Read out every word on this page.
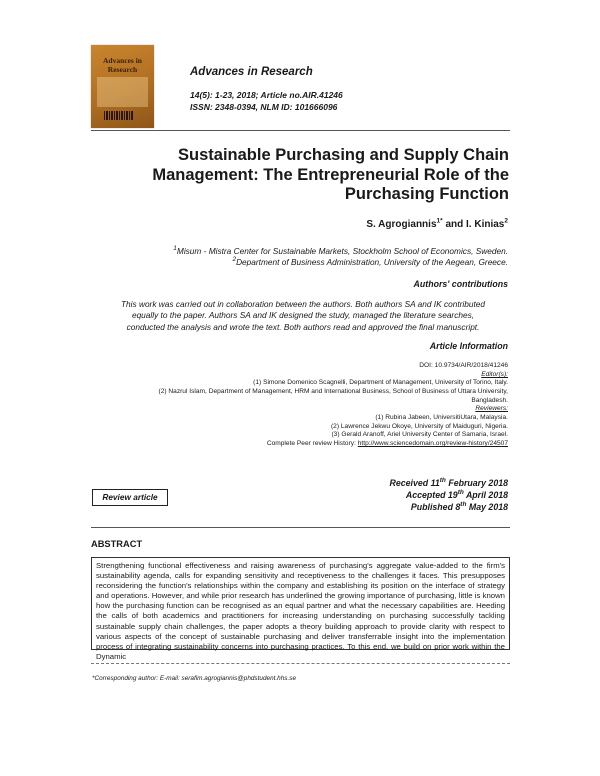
Advances in
Research	Advances in Research
14(5): 1-23, 2018; Article no.AIR.41246
ISSN: 2348-0394, NLM ID: 101666096
Sustainable Purchasing and Supply Chain
Management: The Entrepreneurial Role of the
Purchasing Function
S. Agrogiannis$^{1*}$ and I. Kinias$^2$
$^1$Misum - Mistra Center for Sustainable Markets, Stockholm School of Economics, Sweden.
$^2$Department of Business Administration, University of the Aegean, Greece.
Authors' contributions
This work was carried out in collaboration between the authors. Both authors SA and IK contributed
equally to the paper. Authors SA and IK designed the study, managed the literature searches,
conducted the analysis and wrote the text. Both authors read and approved the final manuscript.
Article Information
DOI: 10.9734/AIR/2018/41246
Editor(s):
(1) Simone Domenico Scagnelli, Department of Management, University of Torino, Italy.
(2) Nazrul Islam, Department of Management, HRM and International Business, School of Business of Uttara University,
Bangladesh.
Reviewers:
(1) Rubina Jabeen, UniversitiUtara, Malaysia.
(2) Lawrence Jekwu Okoye, University of Maiduguri, Nigeria.
(3) Gerald Aranoff, Ariel University Center of Samaria, Israel.
Complete Peer review History: http://www.sciencedomain.org/review-history/24507
Review article
Received 11th February 2018
Accepted 19th April 2018
Published 8th May 2018
ABSTRACT

Strengthening functional effectiveness and raising awareness of purchasing's aggregate value-added to the firm's sustainability agenda, calls for expanding sensitivity and receptiveness to the challenges it faces. This presupposes reconsidering the function's relationships within the company and establishing its position on the interface of strategy and operations. However, and while prior research has underlined the growing importance of purchasing, little is known how the purchasing function can be recognised as an equal partner and what the necessary capabilities are. Heeding the calls of both academics and practitioners for increasing understanding on purchasing successfully tackling sustainable supply chain challenges, the paper adopts a theory building approach to provide clarity with respect to various aspects of the concept of sustainable purchasing and deliver transferrable insight into the implementation process of integrating sustainability concerns into purchasing practices. To this end, we build on prior work within the Dynamic

*Corresponding author: E-mail: serafim.agrogiannis@phdstudent.hhs.se
